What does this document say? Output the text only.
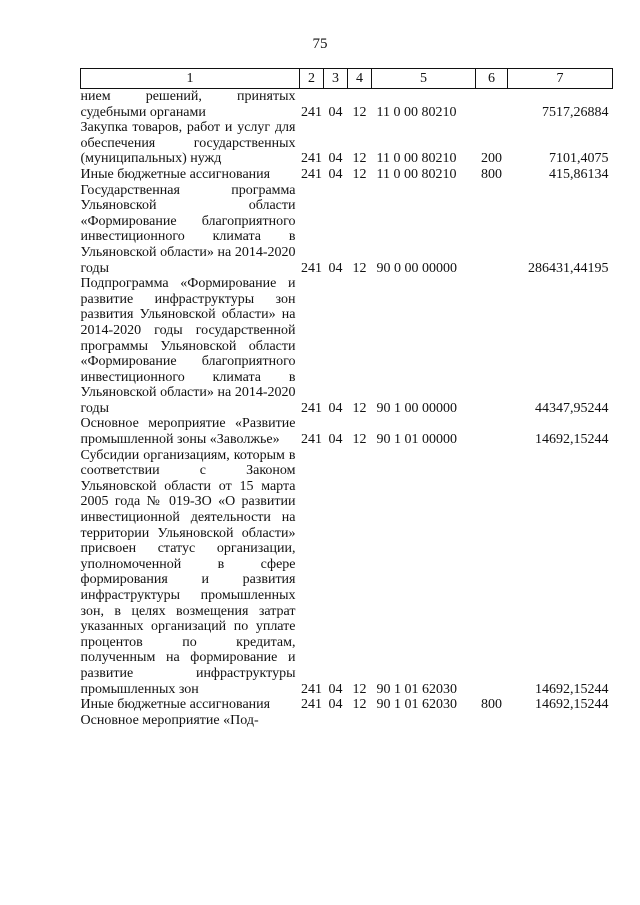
75
1	2	3	4	5	6	7
нием решений, принятых судебными органами	241	04	12	11 0 00 80210		7517,26884
Закупка товаров, работ и услуг для обеспечения государственных (муниципальных) нужд	241	04	12	11 0 00 80210	200	7101,4075
Иные бюджетные ассигнования	241	04	12	11 0 00 80210	800	415,86134
Государственная программа Ульяновской области «Формирование благоприятного инвестиционного климата в Ульяновской области» на 2014-2020 годы	241	04	12	90 0 00 00000		286431,44195
Подпрограмма «Формирование и развитие инфраструктуры зон развития Ульяновской области» на 2014-2020 годы государственной программы Ульяновской области «Формирование благоприятного инвестиционного климата в Ульяновской области» на 2014-2020 годы	241	04	12	90 1 00 00000		44347,95244
Основное мероприятие «Развитие промышленной зоны «Заволжье»	241	04	12	90 1 01 00000		14692,15244
Субсидии организациям, которым в соответствии с Законом Ульяновской области от 15 марта 2005 года № 019-ЗО «О развитии инвестиционной деятельности на территории Ульяновской области» присвоен статус организации, уполномоченной в сфере формирования и развития инфраструктуры промышленных зон, в целях возмещения затрат указанных организаций по уплате процентов по кредитам, полученным на формирование и развитие инфраструктуры промышленных зон	241	04	12	90 1 01 62030		14692,15244
Иные бюджетные ассигнования	241	04	12	90 1 01 62030	800	14692,15244
Основное мероприятие «Под-						
